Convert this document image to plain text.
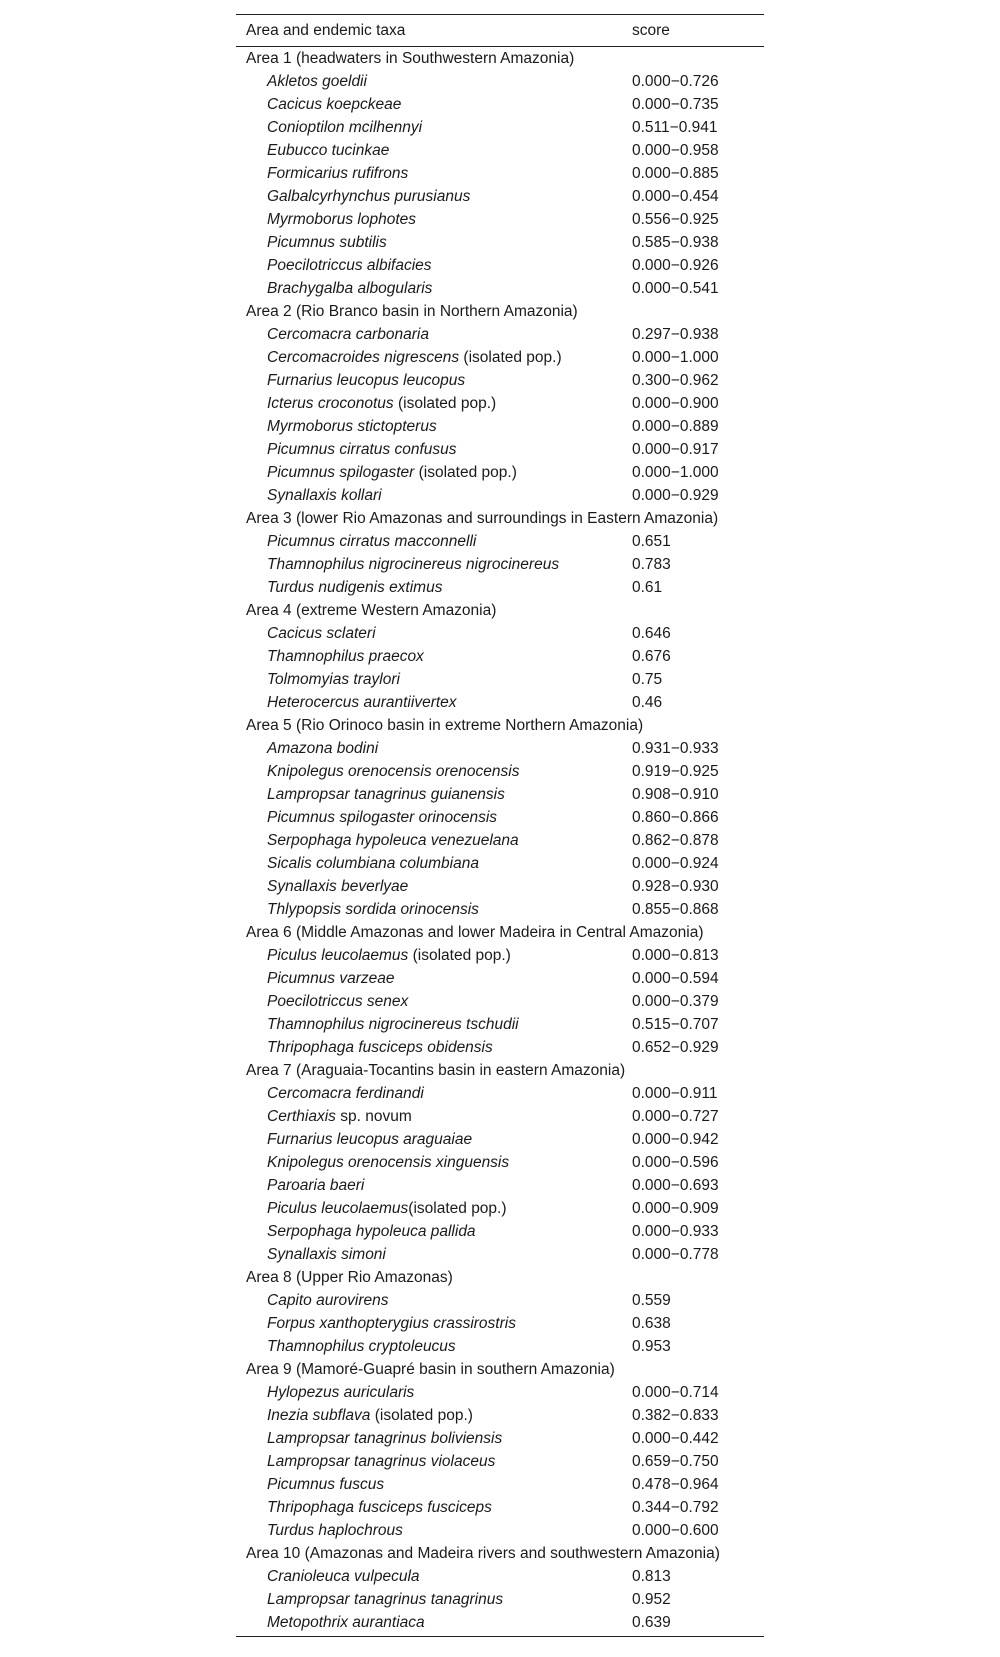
Area and endemic taxa	score
Area 1 (headwaters in Southwestern Amazonia)	
Akletos goeldii	0.000−0.726
Cacicus koepckeae	0.000−0.735
Conioptilon mcilhennyi	0.511−0.941
Eubucco tucinkae	0.000−0.958
Formicarius rufifrons	0.000−0.885
Galbalcyrhynchus purusianus	0.000−0.454
Myrmoborus lophotes	0.556−0.925
Picumnus subtilis	0.585−0.938
Poecilotriccus albifacies	0.000−0.926
Brachygalba albogularis	0.000−0.541
Area 2 (Rio Branco basin in Northern Amazonia)	
Cercomacra carbonaria	0.297−0.938
Cercomacroides nigrescens (isolated pop.)	0.000−1.000
Furnarius leucopus leucopus	0.300−0.962
Icterus croconotus (isolated pop.)	0.000−0.900
Myrmoborus stictopterus	0.000−0.889
Picumnus cirratus confusus	0.000−0.917
Picumnus spilogaster (isolated pop.)	0.000−1.000
Synallaxis kollari	0.000−0.929
Area 3 (lower Rio Amazonas and surroundings in Eastern Amazonia)	
Picumnus cirratus macconnelli	0.651
Thamnophilus nigrocinereus nigrocinereus	0.783
Turdus nudigenis extimus	0.61
Area 4 (extreme Western Amazonia)	
Cacicus sclateri	0.646
Thamnophilus praecox	0.676
Tolmomyias traylori	0.75
Heterocercus aurantiivertex	0.46
Area 5 (Rio Orinoco basin in extreme Northern Amazonia)	
Amazona bodini	0.931−0.933
Knipolegus orenocensis orenocensis	0.919−0.925
Lampropsar tanagrinus guianensis	0.908−0.910
Picumnus spilogaster orinocensis	0.860−0.866
Serpophaga hypoleuca venezuelana	0.862−0.878
Sicalis columbiana columbiana	0.000−0.924
Synallaxis beverlyae	0.928−0.930
Thlypopsis sordida orinocensis	0.855−0.868
Area 6 (Middle Amazonas and lower Madeira in Central Amazonia)	
Piculus leucolaemus (isolated pop.)	0.000−0.813
Picumnus varzeae	0.000−0.594
Poecilotriccus senex	0.000−0.379
Thamnophilus nigrocinereus tschudii	0.515−0.707
Thripophaga fusciceps obidensis	0.652−0.929
Area 7 (Araguaia-Tocantins basin in eastern Amazonia)	
Cercomacra ferdinandi	0.000−0.911
Certhiaxis sp. novum	0.000−0.727
Furnarius leucopus araguaiae	0.000−0.942
Knipolegus orenocensis xinguensis	0.000−0.596
Paroaria baeri	0.000−0.693
Piculus leucolaemus(isolated pop.)	0.000−0.909
Serpophaga hypoleuca pallida	0.000−0.933
Synallaxis simoni	0.000−0.778
Area 8 (Upper Rio Amazonas)	
Capito aurovirens	0.559
Forpus xanthopterygius crassirostris	0.638
Thamnophilus cryptoleucus	0.953
Area 9 (Mamoré-Guapré basin in southern Amazonia)	
Hylopezus auricularis	0.000−0.714
Inezia subflava (isolated pop.)	0.382−0.833
Lampropsar tanagrinus boliviensis	0.000−0.442
Lampropsar tanagrinus violaceus	0.659−0.750
Picumnus fuscus	0.478−0.964
Thripophaga fusciceps fusciceps	0.344−0.792
Turdus haplochrous	0.000−0.600
Area 10 (Amazonas and Madeira rivers and southwestern Amazonia)	
Cranioleuca vulpecula	0.813
Lampropsar tanagrinus tanagrinus	0.952
Metopothrix aurantiaca	0.639
